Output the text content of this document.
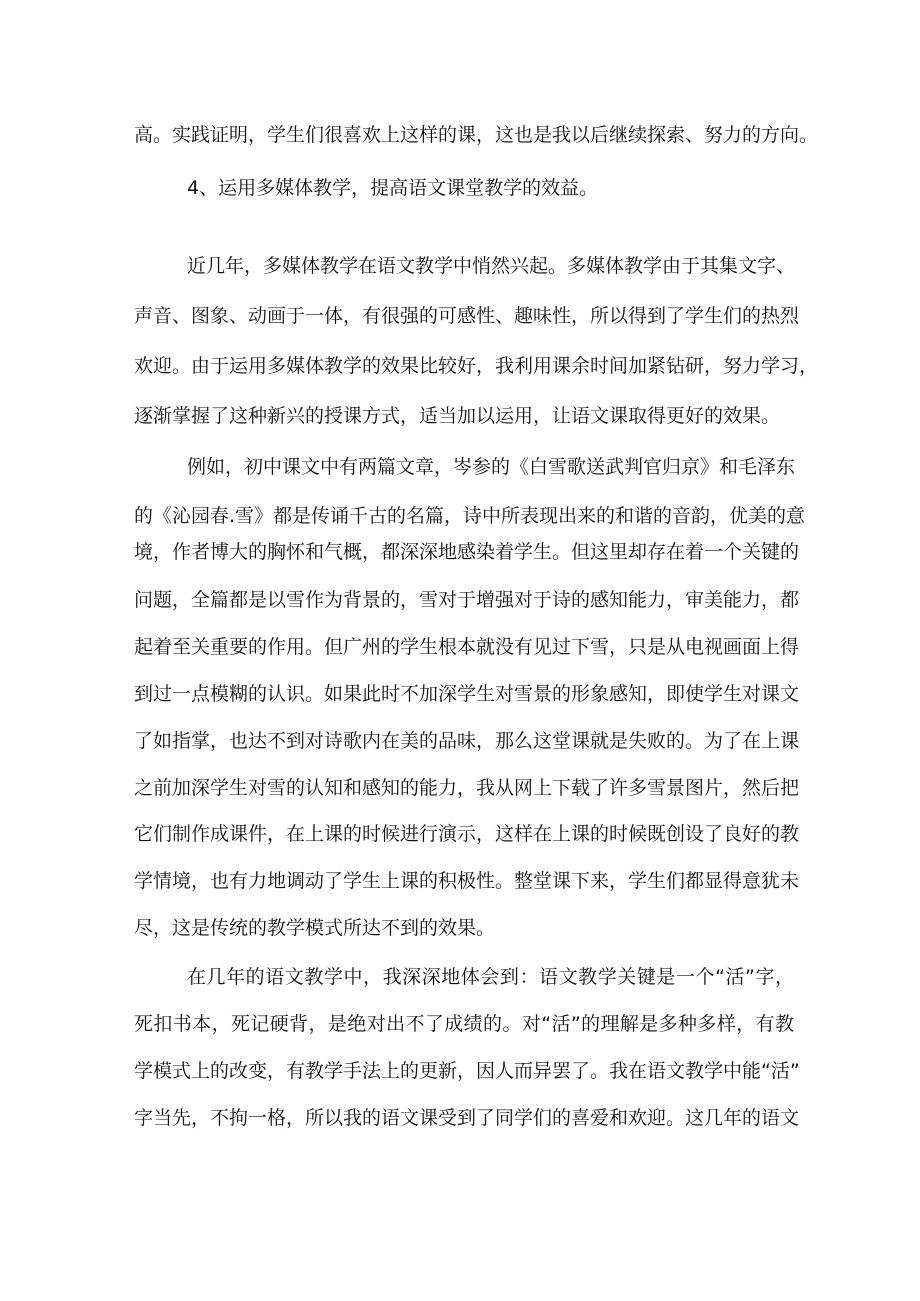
高。实践证明，学生们很喜欢上这样的课，这也是我以后继续探索、努力的方向。
4、运用多媒体教学，提高语文课堂教学的效益。
近几年，多媒体教学在语文教学中悄然兴起。多媒体教学由于其集文字、
声音、图象、动画于一体，有很强的可感性、趣味性，所以得到了学生们的热烈
欢迎。由于运用多媒体教学的效果比较好，我利用课余时间加紧钻研，努力学习，
逐渐掌握了这种新兴的授课方式，适当加以运用，让语文课取得更好的效果。
例如，初中课文中有两篇文章，岑参的《白雪歌送武判官归京》和毛泽东
的《沁园春.雪》都是传诵千古的名篇，诗中所表现出来的和谐的音韵，优美的意
境，作者博大的胸怀和气概，都深深地感染着学生。但这里却存在着一个关键的
问题，全篇都是以雪作为背景的，雪对于增强对于诗的感知能力，审美能力，都
起着至关重要的作用。但广州的学生根本就没有见过下雪，只是从电视画面上得
到过一点模糊的认识。如果此时不加深学生对雪景的形象感知，即使学生对课文
了如指掌，也达不到对诗歌内在美的品味，那么这堂课就是失败的。为了在上课
之前加深学生对雪的认知和感知的能力，我从网上下载了许多雪景图片，然后把
它们制作成课件，在上课的时候进行演示，这样在上课的时候既创设了良好的教
学情境，也有力地调动了学生上课的积极性。整堂课下来，学生们都显得意犹未
尽，这是传统的教学模式所达不到的效果。
在几年的语文教学中，我深深地体会到：语文教学关键是一个“活”字，
死扣书本，死记硬背，是绝对出不了成绩的。对“活”的理解是多种多样，有教
学模式上的改变，有教学手法上的更新，因人而异罢了。我在语文教学中能“活”
字当先，不拘一格，所以我的语文课受到了同学们的喜爱和欢迎。这几年的语文
